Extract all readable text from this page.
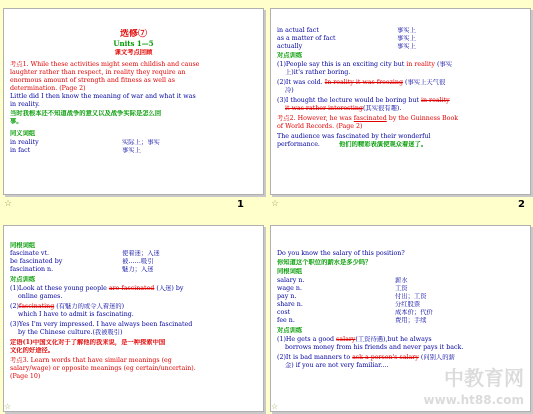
选修⑦
Units 1—5
课文考点回顾
考点1. While these activities might seem childish and cause
laughter rather than respect, in reality they require an
enormous amount of strength and fitness as well as
determination. (Page 2)
Little did I then know the meaning of war and what it was
in reality.
当时我根本还不知道战争的意义以及战争实际是怎么回
事。
同义词组
in reality	实际上；事实
in fact	事实上
☆	1
in actual fact	事实上
as a matter of fact	事实上
actually	事实上
对点训练
(1)People say this is an exciting city but in reality (事实
上)it's rather boring.
(2)It was cold. In reality it was freezing (事实上天气很
冷)
(3)I thought the lecture would be boring but in reality
it was rather interesting(其实很有趣).
考点2. However, he was fascinated by the Guinness Book
of World Records. (Page 2)
The audience was fascinated by their wonderful
performance.	他们的精彩表演使观众着迷了。
☆	2
同根词组
fascinate vt.	使着迷；入迷
be fascinated by	被……吸引
fascination n.	魅力；入迷
对点训练
(1)Look at these young people are fascinated (入迷) by
online games.
(2)fascinating (有魅力的或令人着迷的)
which I have to admit is fascinating.
(3)Yes I'm very impressed. I have always been fascinated
by the Chinese culture.(我被吸引)
定语(1)中国文化对于了解他的我来说，是一种探索中国
文化的好途径。
考点3. Learn words that have similar meanings (eg
salary/wage) or opposite meanings (eg certain/uncertain).
(Page 10)
☆
Do you know the salary of this position?
你知道这个职位的薪水是多少吗？
同根词组
salary n.	薪水
wage n.	工资
pay n.	付出；工资
share n.	分红股票
cost	成本价；代价
fee n.	费用；手续
对点训练
(1)He gets a good salary(工资待遇),but he always
borrows money from his friends and never pays it back.
(2)It is bad manners to ask a person's salary (问别人的薪
金) if you are not very familiar....
中教育网
www.ht88.com
☆
